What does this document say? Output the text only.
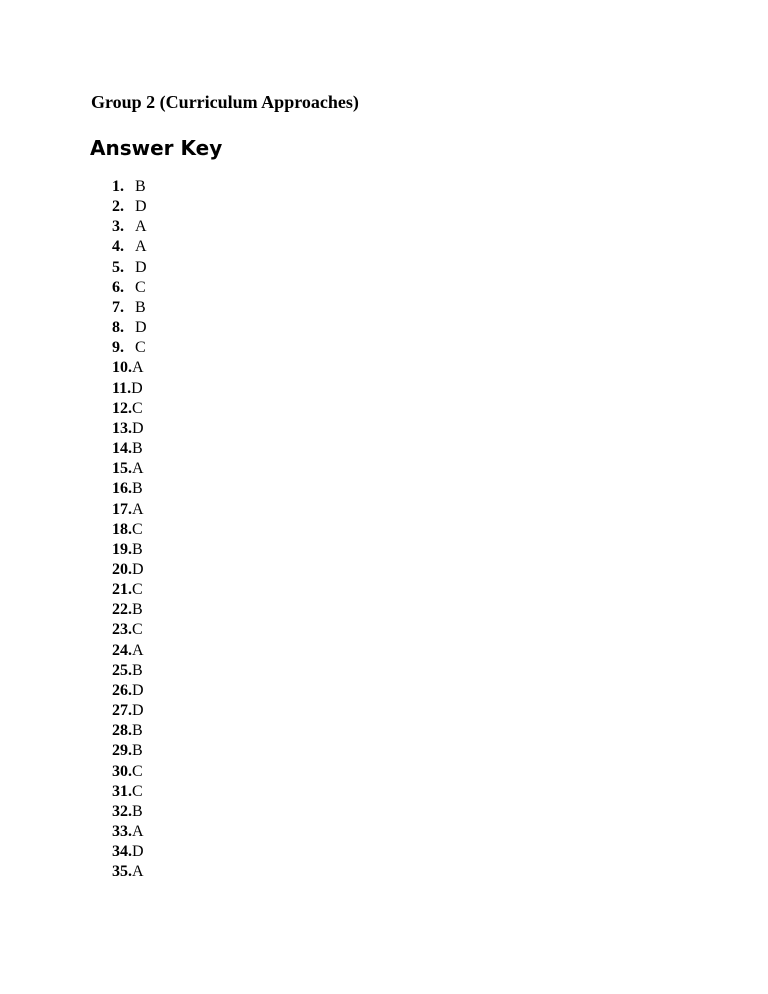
Group 2 (Curriculum Approaches)
Answer Key
1. B
2. D
3. A
4. A
5. D
6. C
7. B
8. D
9. C
10.A
11.D
12.C
13.D
14.B
15.A
16.B
17.A
18.C
19.B
20.D
21.C
22.B
23.C
24.A
25.B
26.D
27.D
28.B
29.B
30.C
31.C
32.B
33.A
34.D
35.A
